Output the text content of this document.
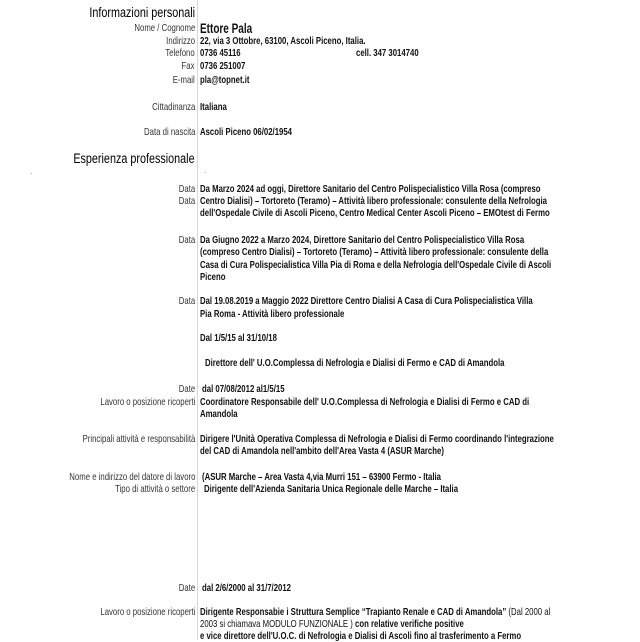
Informazioni personali
Nome / Cognome Ettore Pala
Indirizzo 22, via 3 Ottobre, 63100, Ascoli Piceno, Italia.
Telefono 0736 45116	cell. 347 3014740
Fax 0736 251007
E-mail pla@topnet.it
Cittadinanza Italiana
Data di nascita Ascoli Piceno 06/02/1954
Esperienza professionale
Data
Data
Da Marzo 2024 ad oggi, Direttore Sanitario del Centro Polispecialistico Villa Rosa (compreso
Centro Dialisi) – Tortoreto (Teramo) – Attività libero professionale: consulente della Nefrologia
dell'Ospedale Civile di Ascoli Piceno, Centro Medical Center Ascoli Piceno – EMOtest di Fermo
Data Da Giugno 2022 a Marzo 2024, Direttore Sanitario del Centro Polispecialistico Villa Rosa
(compreso Centro Dialisi) – Tortoreto (Teramo) – Attività libero professionale: consulente della
Casa di Cura Polispecialistica Villa Pia di Roma e della Nefrologia dell'Ospedale Civile di Ascoli
Piceno
Data Dal 19.08.2019 a Maggio 2022 Direttore Centro Dialisi A Casa di Cura Polispecialistica Villa
Pia Roma - Attività libero professionale
Dal 1/5/15 al 31/10/18
Direttore dell' U.O.Complessa di Nefrologia e Dialisi di Fermo e CAD di Amandola
Date dal 07/08/2012 al1/5/15
Lavoro o posizione ricoperti Coordinatore Responsabile dell' U.O.Complessa di Nefrologia e Dialisi di Fermo e CAD di
Amandola
Principali attività e responsabilità Dirigere l'Unità Operativa Complessa di Nefrologia e Dialisi di Fermo coordinando l'integrazione
del CAD di Amandola nell'ambito dell'Area Vasta 4 (ASUR Marche)
Nome e indirizzo del datore di lavoro (ASUR Marche – Area Vasta 4,via Murri 151 – 63900 Fermo - Italia
Tipo di attività o settore Dirigente dell'Azienda Sanitaria Unica Regionale delle Marche – Italia
Date dal 2/6/2000 al 31/7/2012
Lavoro o posizione ricoperti Dirigente Responsabie i Struttura Semplice “Trapianto Renale e CAD di Amandola” (Dal 2000 al
2003 si chiamava MODULO FUNZIONALE ) con relative verifiche positive
e vice direttore dell'U.O.C. di Nefrologia e Dialisi di Ascoli fino al trasferimento a Fermo
